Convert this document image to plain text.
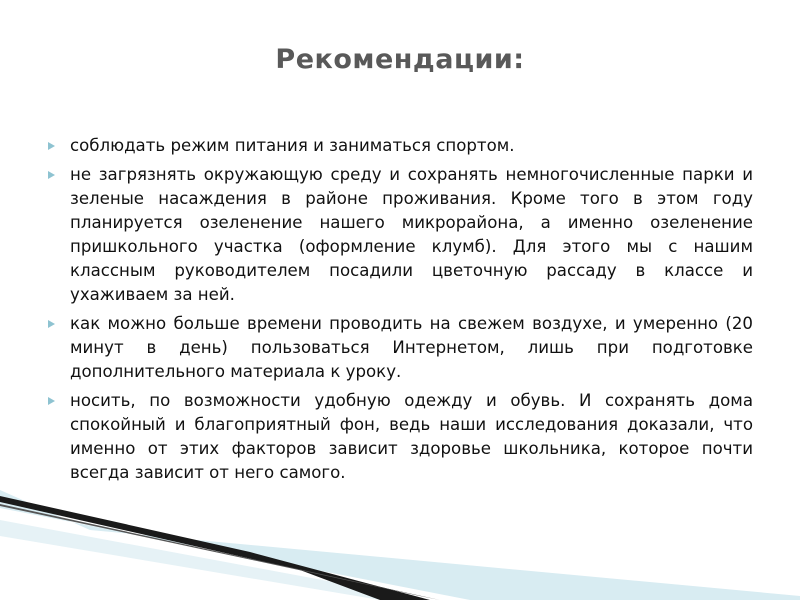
Рекомендации:
соблюдать режим питания и заниматься спортом.
не загрязнять окружающую среду и сохранять немногочисленные парки и зеленые насаждения в районе проживания. Кроме того в этом году планируется озеленение нашего микрорайона, а именно озеленение пришкольного участка (оформление клумб). Для этого мы с нашим классным руководителем посадили цветочную рассаду в классе и ухаживаем за ней.
как можно больше времени проводить на свежем воздухе, и умеренно (20 минут в день) пользоваться Интернетом, лишь при подготовке дополнительного материала к уроку.
носить, по возможности удобную одежду и обувь. И сохранять дома спокойный и благоприятный фон, ведь наши исследования доказали, что именно от этих факторов зависит здоровье школьника, которое почти всегда зависит от него самого.
